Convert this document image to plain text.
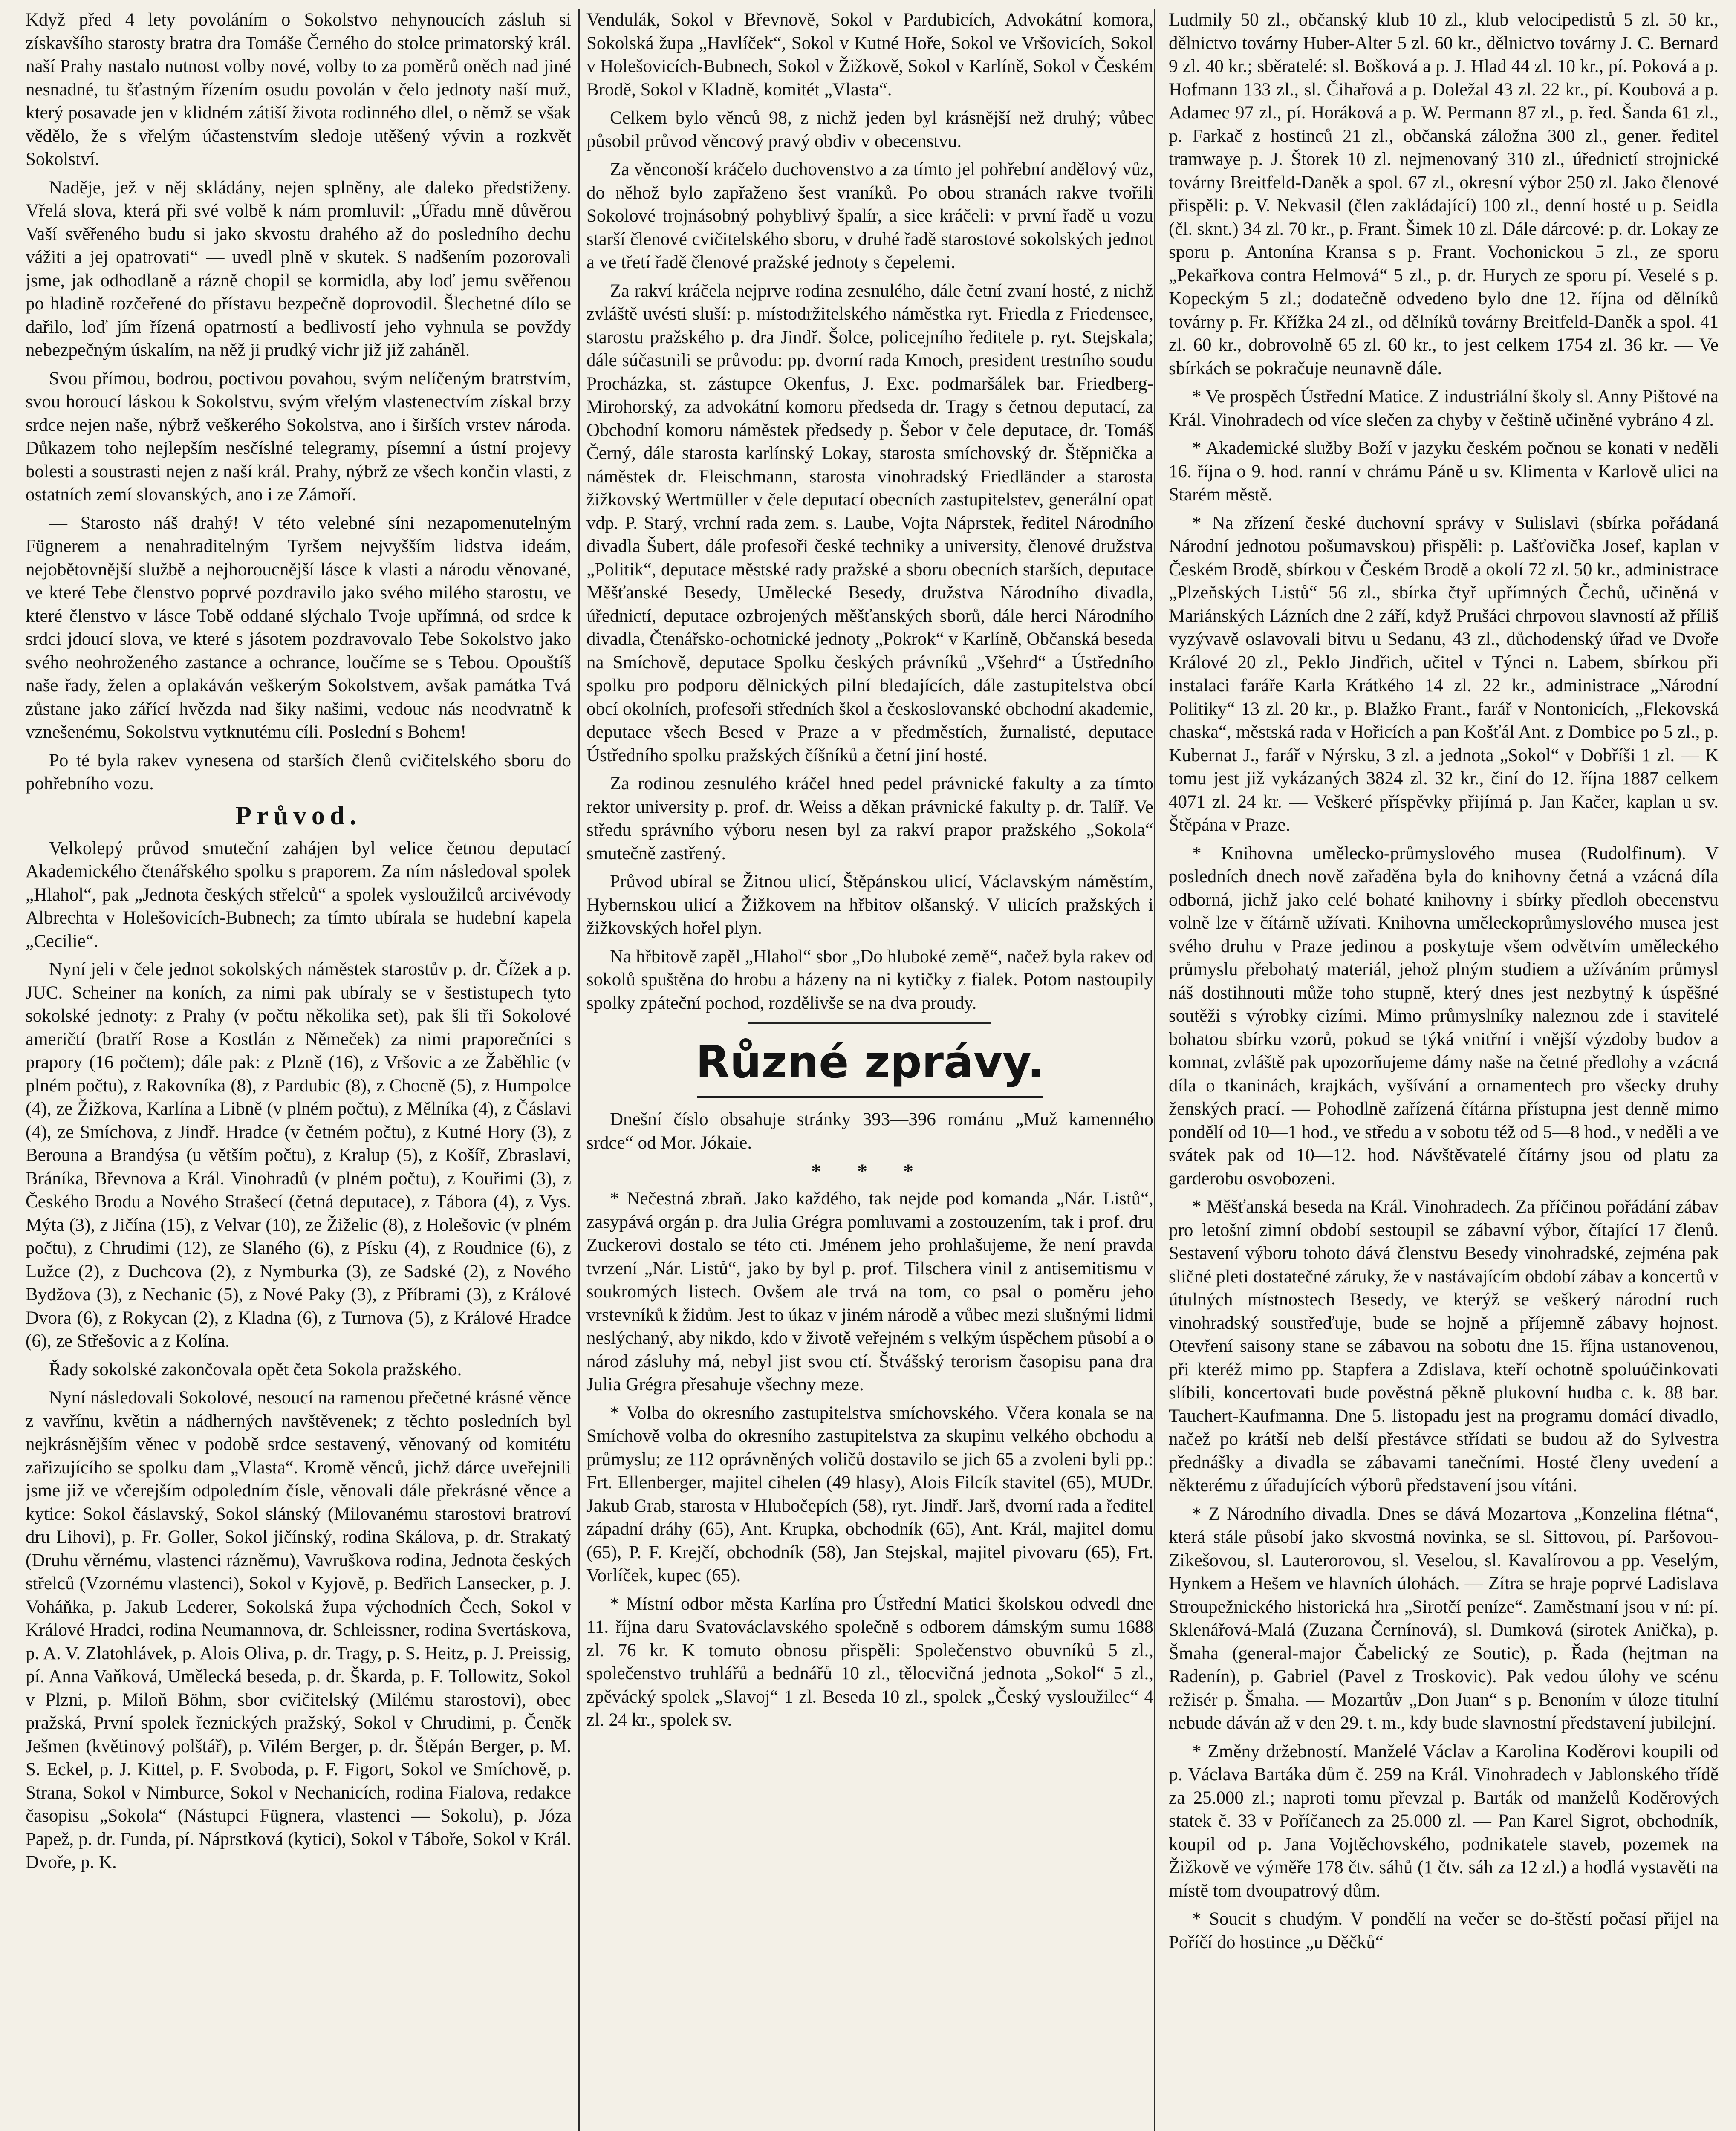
Když před 4 lety povoláním o Sokolstvo nehynoucích zásluh si získavšího starosty bratra dra Tomáše Černého do stolce primatorský král. naší Prahy nastalo nutnost volby nové, volby to za poměrů oněch nad jiné nesnadné, tu šťastným řízením osudu povolán v čelo jednoty naší muž, který posavade jen v klidném zátiší života rodinného dlel, o němž se však vědělo, že s vřelým účastenstvím sledoje utěšený vývin a rozkvět Sokolství.

Naděje, jež v něj skládány, nejen splněny, ale daleko předstiženy. Vřelá slova, která při své volbě k nám promluvil: „Úřadu mně důvěrou Vaší svěřeného budu si jako skvostu drahého až do posledního dechu vážiti a jej opatrovati“ — uvedl plně v skutek. S nadšením pozorovali jsme, jak odhodlaně a rázně chopil se kormidla, aby loď jemu svěřenou po hladině rozčeřené do přístavu bezpečně doprovodil. Šlechetné dílo se dařilo, loď jím řízená opatrností a bedlivostí jeho vyhnula se povždy nebezpečným úskalím, na něž ji prudký vichr již již zaháněl.

Svou přímou, bodrou, poctivou povahou, svým nelíčeným bratrstvím, svou horoucí láskou k Sokolstvu, svým vřelým vlastenectvím získal brzy srdce nejen naše, nýbrž veškerého Sokolstva, ano i širších vrstev národa. Důkazem toho nejlepším nesčíslné telegramy, písemní a ústní projevy bolesti a soustrasti nejen z naší král. Prahy, nýbrž ze všech končin vlasti, z ostatních zemí slovanských, ano i ze Zámoří.

— Starosto náš drahý! V této velebné síni nezapomenutelným Fügnerem a nenahraditelným Tyršem nejvyšším lidstva ideám, nejobětovnější službě a nejhoroucnější lásce k vlasti a národu věnované, ve které Tebe členstvo poprvé pozdravilo jako svého milého starostu, ve které členstvo v lásce Tobě oddané slýchalo Tvoje upřímná, od srdce k srdci jdoucí slova, ve které s jásotem pozdravovalo Tebe Sokolstvo jako svého neohroženého zastance a ochrance, loučíme se s Tebou. Opouštíš naše řady, želen a oplakáván veškerým Sokolstvem, avšak památka Tvá zůstane jako zářící hvězda nad šiky našimi, vedouc nás neodvratně k vznešenému, Sokolstvu vytknutému cíli. Poslední s Bohem!

Po té byla rakev vynesena od starších členů cvičitelského sboru do pohřebního vozu.

Průvod.

Velkolepý průvod smuteční zahájen byl velice četnou deputací Akademického čtenářského spolku s praporem. Za ním následoval spolek „Hlahol“, pak „Jednota českých střelců“ a spolek vysloužilců arcivévody Albrechta v Holešovicích-Bubnech; za tímto ubírala se hudební kapela „Cecilie“.

Nyní jeli v čele jednot sokolských náměstek starostův p. dr. Čížek a p. JUC. Scheiner na koních, za nimi pak ubíraly se v šestistupech tyto sokolské jednoty: z Prahy (v počtu několika set), pak šli tři Sokolové američtí (bratří Rose a Kostlán z Němeček) za nimi praporečníci s prapory (16 počtem); dále pak: z Plzně (16), z Vršovic a ze Žaběhlic (v plném počtu), z Rakovníka (8), z Pardubic (8), z Chocně (5), z Humpolce (4), ze Žižkova, Karlína a Libně (v plném počtu), z Mělníka (4), z Čáslavi (4), ze Smíchova, z Jindř. Hradce (v četném počtu), z Kutné Hory (3), z Berouna a Brandýsa (u větším počtu), z Kralup (5), z Košíř, Zbraslavi, Bráníka, Břevnova a Král. Vinohradů (v plném počtu), z Kouřimi (3), z Českého Brodu a Nového Strašecí (četná deputace), z Tábora (4), z Vys. Mýta (3), z Jičína (15), z Velvar (10), ze Žiželic (8), z Holešovic (v plném počtu), z Chrudimi (12), ze Slaného (6), z Písku (4), z Roudnice (6), z Lužce (2), z Duchcova (2), z Nymburka (3), ze Sadské (2), z Nového Bydžova (3), z Nechanic (5), z Nové Paky (3), z Příbrami (3), z Králové Dvora (6), z Rokycan (2), z Kladna (6), z Turnova (5), z Králové Hradce (6), ze Střešovic a z Kolína.

Řady sokolské zakončovala opět četa Sokola pražského.

Nyní následovali Sokolové, nesoucí na ramenou přečetné krásné věnce z vavřínu, květin a nádherných navštěvenek; z těchto posledních byl nejkrásnějším věnec v podobě srdce sestavený, věnovaný od komitétu zařizujícího se spolku dam „Vlasta“. Kromě věnců, jichž dárce uveřejnili jsme již ve včerejším odpoledním čísle, věnovali dále překrásné věnce a kytice: Sokol čáslavský, Sokol slánský (Milovanému starostovi bratroví dru Lihovi), p. Fr. Goller, Sokol jičínský, rodina Skálova, p. dr. Strakatý (Druhu věrnému, vlastenci rázněmu), Vavruškova rodina, Jednota českých střelců (Vzornému vlastenci), Sokol v Kyjově, p. Bedřich Lansecker, p. J. Voháňka, p. Jakub Lederer, Sokolská župa východních Čech, Sokol v Králové Hradci, rodina Neumannova, dr. Schleissner, rodina Svertáskova, p. A. V. Zlatohlávek, p. Alois Oliva, p. dr. Tragy, p. S. Heitz, p. J. Preissig, pí. Anna Vaňková, Umělecká beseda, p. dr. Škarda, p. F. Tollowitz, Sokol v Plzni, p. Miloň Böhm, sbor cvičitelský (Milému starostovi), obec pražská, První spolek řeznických pražský, Sokol v Chrudimi, p. Čeněk Ješmen (květinový polštář), p. Vilém Berger, p. dr. Štěpán Berger, p. M. S. Eckel, p. J. Kittel, p. F. Svoboda, p. F. Figort, Sokol ve Smíchově, p. Strana, Sokol v Nimburce, Sokol v Nechanicích, rodina Fialova, redakce časopisu „Sokola“ (Nástupci Fügnera, vlastenci — Sokolu), p. Józa Papež, p. dr. Funda, pí. Náprstková (kytici), Sokol v Táboře, Sokol v Král. Dvoře, p. K.

Vendulák, Sokol v Břevnově, Sokol v Pardubicích, Advokátní komora, Sokolská župa „Havlíček“, Sokol v Kutné Hoře, Sokol ve Vršovicích, Sokol v Holešovicích-Bubnech, Sokol v Žižkově, Sokol v Karlíně, Sokol v Českém Brodě, Sokol v Kladně, komitét „Vlasta“.

Celkem bylo věnců 98, z nichž jeden byl krásnější než druhý; vůbec působil průvod věncový pravý obdiv v obecenstvu.

Za věnconoší kráčelo duchovenstvo a za tímto jel pohřební andělový vůz, do něhož bylo zapřaženo šest vraníků. Po obou stranách rakve tvořili Sokolové trojnásobný pohyblivý špalír, a sice kráčeli: v první řadě u vozu starší členové cvičitelského sboru, v druhé řadě starostové sokolských jednot a ve třetí řadě členové pražské jednoty s čepelemi.

Za rakví kráčela nejprve rodina zesnulého, dále četní zvaní hosté, z nichž zvláště uvésti sluší: p. místodržitelského náměstka ryt. Friedla z Friedensee, starostu pražského p. dra Jindř. Šolce, policejního ředitele p. ryt. Stejskala; dále súčastnili se průvodu: pp. dvorní rada Kmoch, president trestního soudu Procházka, st. zástupce Okenfus, J. Exc. podmaršálek bar. Friedberg-Mirohorský, za advokátní komoru předseda dr. Tragy s četnou deputací, za Obchodní komoru náměstek předsedy p. Šebor v čele deputace, dr. Tomáš Černý, dále starosta karlínský Lokay, starosta smíchovský dr. Štěpnička a náměstek dr. Fleischmann, starosta vinohradský Friedländer a starosta žižkovský Wertmüller v čele deputací obecních zastupitelstev, generální opat vdp. P. Starý, vrchní rada zem. s. Laube, Vojta Náprstek, ředitel Národního divadla Šubert, dále profesoři české techniky a university, členové družstva „Politik“, deputace městské rady pražské a sboru obecních starších, deputace Měšťanské Besedy, Umělecké Besedy, družstva Národního divadla, úřednictí, deputace ozbrojených měšťanských sborů, dále herci Národního divadla, Čtenářsko-ochotnické jednoty „Pokrok“ v Karlíně, Občanská beseda na Smíchově, deputace Spolku českých právníků „Všehrd“ a Ústředního spolku pro podporu dělnických pilní bledajících, dále zastupitelstva obcí obcí okolních, profesoři středních škol a českoslovanské obchodní akademie, deputace všech Besed v Praze a v předměstích, žurnalisté, deputace Ústředního spolku pražských číšníků a četní jiní hosté.

Za rodinou zesnulého kráčel hned pedel právnické fakulty a za tímto rektor university p. prof. dr. Weiss a děkan právnické fakulty p. dr. Talíř. Ve středu správního výboru nesen byl za rakví prapor pražského „Sokola“ smutečně zastřený.

Průvod ubíral se Žitnou ulicí, Štěpánskou ulicí, Václavským náměstím, Hybernskou ulicí a Žižkovem na hřbitov olšanský. V ulicích pražských i žižkovských hořel plyn.

Na hřbitově zapěl „Hlahol“ sbor „Do hluboké země“, načež byla rakev od sokolů spuštěna do hrobu a házeny na ni kytičky z fialek. Potom nastoupily spolky zpáteční pochod, rozdělivše se na dva proudy.

Různé zprávy.

Dnešní číslo obsahuje stránky 393—396 románu „Muž kamenného srdce“ od Mor. Jókaie.

* * *

* Nečestná zbraň. Jako každého, tak nejde pod komanda „Nár. Listů“, zasypává orgán p. dra Julia Grégra pomluvami a zostouzením, tak i prof. dru Zuckerovi dostalo se této cti. Jménem jeho prohlašujeme, že není pravda tvrzení „Nár. Listů“, jako by byl p. prof. Tilschera vinil z antisemitismu v soukromých listech. Ovšem ale trvá na tom, co psal o poměru jeho vrstevníků k židům. Jest to úkaz v jiném národě a vůbec mezi slušnými lidmi neslýchaný, aby nikdo, kdo v životě veřejném s velkým úspěchem působí a o národ zásluhy má, nebyl jist svou ctí. Štvášský terorism časopisu pana dra Julia Grégra přesahuje všechny meze.

* Volba do okresního zastupitelstva smíchovského. Včera konala se na Smíchově volba do okresního zastupitelstva za skupinu velkého obchodu a průmyslu; ze 112 oprávněných voličů dostavilo se jich 65 a zvoleni byli pp.: Frt. Ellenberger, majitel cihelen (49 hlasy), Alois Filcík stavitel (65), MUDr. Jakub Grab, starosta v Hlubočepích (58), ryt. Jindř. Jarš, dvorní rada a ředitel západní dráhy (65), Ant. Krupka, obchodník (65), Ant. Král, majitel domu (65), P. F. Krejčí, obchodník (58), Jan Stejskal, majitel pivovaru (65), Frt. Vorlíček, kupec (65).

* Místní odbor města Karlína pro Ústřední Matici školskou odvedl dne 11. října daru Svatováclavského společně s odborem dámským sumu 1688 zl. 76 kr. K tomuto obnosu přispěli: Společenstvo obuvníků 5 zl., společenstvo truhlářů a bednářů 10 zl., tělocvičná jednota „Sokol“ 5 zl., zpěvácký spolek „Slavoj“ 1 zl. Beseda 10 zl., spolek „Český vysloužilec“ 4 zl. 24 kr., spolek sv.

Ludmily 50 zl., občanský klub 10 zl., klub velocipedistů 5 zl. 50 kr., dělnictvo továrny Huber-Alter 5 zl. 60 kr., dělnictvo továrny J. C. Bernard 9 zl. 40 kr.; sběratelé: sl. Bošková a p. J. Hlad 44 zl. 10 kr., pí. Poková a p. Hofmann 133 zl., sl. Čihařová a p. Doležal 43 zl. 22 kr., pí. Koubová a p. Adamec 97 zl., pí. Horáková a p. W. Permann 87 zl., p. řed. Šanda 61 zl., p. Farkač z hostinců 21 zl., občanská záložna 300 zl., gener. ředitel tramwaye p. J. Štorek 10 zl. nejmenovaný 310 zl., úřednictí strojnické továrny Breitfeld-Daněk a spol. 67 zl., okresní výbor 250 zl. Jako členové přispěli: p. V. Nekvasil (člen zakládající) 100 zl., denní hosté u p. Seidla (čl. sknt.) 34 zl. 70 kr., p. Frant. Šimek 10 zl. Dále dárcové: p. dr. Lokay ze sporu p. Antonína Kransa s p. Frant. Vochonickou 5 zl., ze sporu „Pekařkova contra Helmová“ 5 zl., p. dr. Hurych ze sporu pí. Veselé s p. Kopeckým 5 zl.; dodatečně odvedeno bylo dne 12. října od dělníků továrny p. Fr. Křížka 24 zl., od dělníků továrny Breitfeld-Daněk a spol. 41 zl. 60 kr., dobrovolně 65 zl. 60 kr., to jest celkem 1754 zl. 36 kr. — Ve sbírkách se pokračuje neunavně dále.

* Ve prospěch Ústřední Matice. Z industriální školy sl. Anny Pištové na Král. Vinohradech od více slečen za chyby v češtině učiněné vybráno 4 zl.

* Akademické služby Boží v jazyku českém počnou se konati v neděli 16. října o 9. hod. ranní v chrámu Páně u sv. Klimenta v Karlově ulici na Starém městě.

* Na zřízení české duchovní správy v Sulislavi (sbírka pořádaná Národní jednotou pošumavskou) přispěli: p. Lašťovička Josef, kaplan v Českém Brodě, sbírkou v Českém Brodě a okolí 72 zl. 50 kr., administrace „Plzeňských Listů“ 56 zl., sbírka čtyř upřímných Čechů, učiněná v Mariánských Lázních dne 2 září, když Prušáci chrpovou slavností až příliš vyzývavě oslavovali bitvu u Sedanu, 43 zl., důchodenský úřad ve Dvoře Králové 20 zl., Peklo Jindřich, učitel v Týnci n. Labem, sbírkou při instalaci faráře Karla Krátkého 14 zl. 22 kr., administrace „Národní Politiky“ 13 zl. 20 kr., p. Blažko Frant., farář v Nontonicích, „Flekovská chaska“, městská rada v Hořicích a pan Košťál Ant. z Dombice po 5 zl., p. Kubernat J., farář v Nýrsku, 3 zl. a jednota „Sokol“ v Dobříši 1 zl. — K tomu jest již vykázaných 3824 zl. 32 kr., činí do 12. října 1887 celkem 4071 zl. 24 kr. — Veškeré příspěvky přijímá p. Jan Kačer, kaplan u sv. Štěpána v Praze.

* Knihovna umělecko-průmyslového musea (Rudolfinum). V posledních dnech nově zařaděna byla do knihovny četná a vzácná díla odborná, jichž jako celé bohaté knihovny i sbírky předloh obecenstvu volně lze v čítárně užívati. Knihovna uměleckoprůmyslového musea jest svého druhu v Praze jedinou a poskytuje všem odvětvím uměleckého průmyslu přebohatý materiál, jehož plným studiem a užíváním průmysl náš dostihnouti může toho stupně, který dnes jest nezbytný k úspěšné soutěži s výrobky cizími. Mimo průmyslníky naleznou zde i stavitelé bohatou sbírku vzorů, pokud se týká vnitřní i vnější výzdoby budov a komnat, zvláště pak upozorňujeme dámy naše na četné předlohy a vzácná díla o tkaninách, krajkách, vyšívání a ornamentech pro všecky druhy ženských prací. — Pohodlně zařízená čítárna přístupna jest denně mimo pondělí od 10—1 hod., ve středu a v sobotu též od 5—8 hod., v neděli a ve svátek pak od 10—12. hod. Návštěvatelé čítárny jsou od platu za garderobu osvobozeni.

* Měšťanská beseda na Král. Vinohradech. Za příčinou pořádání zábav pro letošní zimní období sestoupil se zábavní výbor, čítající 17 členů. Sestavení výboru tohoto dává členstvu Besedy vinohradské, zejména pak sličné pleti dostatečné záruky, že v nastávajícím období zábav a koncertů v útulných místnostech Besedy, ve kterýž se veškerý národní ruch vinohradský soustřeďuje, bude se hojně a příjemně zábavy hojnost. Otevření saisony stane se zábavou na sobotu dne 15. října ustanovenou, při kteréž mimo pp. Stapfera a Zdislava, kteří ochotně spoluúčinkovati slíbili, koncertovati bude pověstná pěkně plukovní hudba c. k. 88 bar. Tauchert-Kaufmanna. Dne 5. listopadu jest na programu domácí divadlo, načež po krátší neb delší přestávce střídati se budou až do Sylvestra přednášky a divadla se zábavami tanečními. Hosté členy uvedení a některému z úřadujících výborů představení jsou vítáni.

* Z Národního divadla. Dnes se dává Mozartova „Konzelina flétna“, která stále působí jako skvostná novinka, se sl. Sittovou, pí. Paršovou-Zikešovou, sl. Lauterorovou, sl. Veselou, sl. Kavalírovou a pp. Veselým, Hynkem a Hešem ve hlavních úlohách. — Zítra se hraje poprvé Ladislava Stroupežnického historická hra „Sirotčí peníze“. Zaměstnaní jsou v ní: pí. Sklenářová-Malá (Zuzana Černínová), sl. Dumková (sirotek Anička), p. Šmaha (general-major Čabelický ze Soutic), p. Řada (hejtman na Radenín), p. Gabriel (Pavel z Troskovic). Pak vedou úlohy ve scénu režisér p. Šmaha. — Mozartův „Don Juan“ s p. Benoním v úloze titulní nebude dáván až v den 29. t. m., kdy bude slavnostní představení jubilejní.

* Změny držebností. Manželé Václav a Karolina Koděrovi koupili od p. Václava Bartáka dům č. 259 na Král. Vinohradech v Jablonského třídě za 25.000 zl.; naproti tomu převzal p. Barták od manželů Koděrových statek č. 33 v Poříčanech za 25.000 zl. — Pan Karel Sigrot, obchodník, koupil od p. Jana Vojtěchovského, podnikatele staveb, pozemek na Žižkově ve výměře 178 čtv. sáhů (1 čtv. sáh za 12 zl.) a hodlá vystavěti na místě tom dvoupatrový dům.

* Soucit s chudým. V pondělí na večer se do-štěstí počasí přijel na Poříčí do hostince „u Děčků“
